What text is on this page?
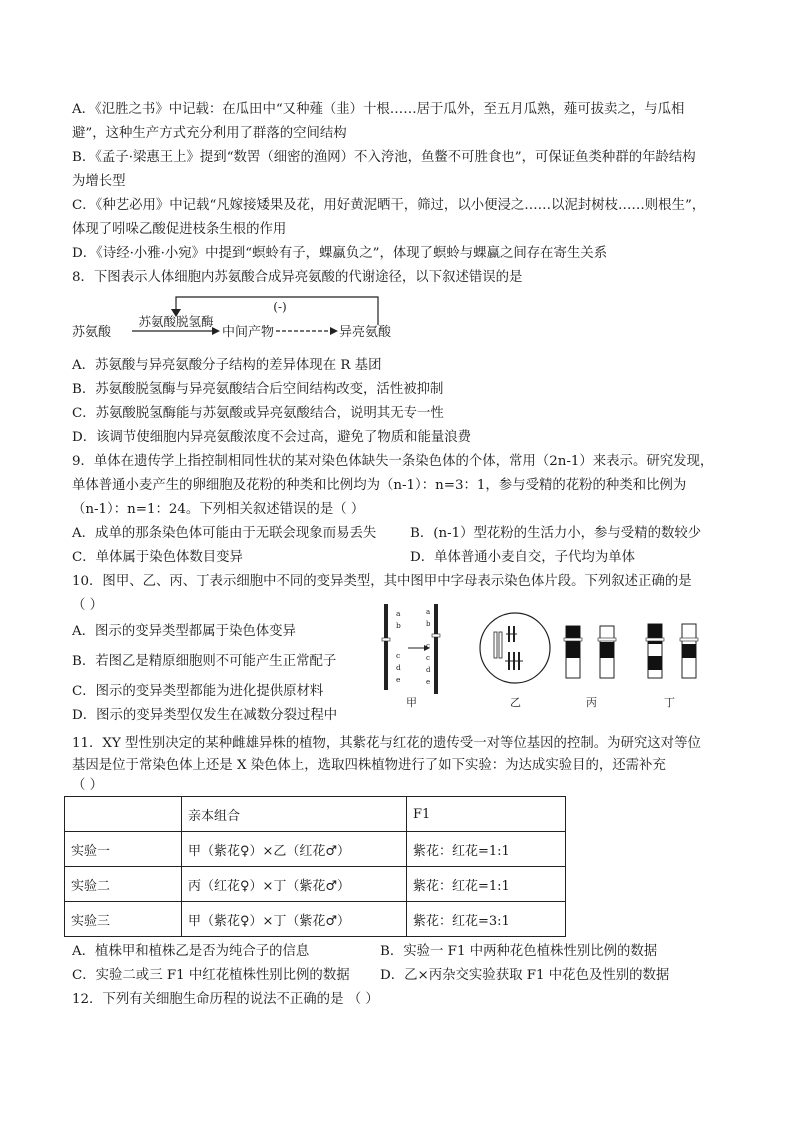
A．《氾胜之书》中记载：在瓜田中“又种薤（韭）十根……居于瓜外，至五月瓜熟，薤可拔卖之，与瓜相
避”，这种生产方式充分利用了群落的空间结构
B．《孟子·梁惠王上》提到“数罟（细密的渔网）不入洿池，鱼鳖不可胜食也”，可保证鱼类种群的年龄结构
为增长型
C．《种艺必用》中记载“凡嫁接矮果及花，用好黄泥晒干，筛过，以小便浸之……以泥封树枝……则根生”，
体现了吲哚乙酸促进枝条生根的作用
D．《诗经·小雅·小宛》中提到“螟蛉有子，蜾蠃负之”，体现了螟蛉与蜾蠃之间存在寄生关系
8．下图表示人体细胞内苏氨酸合成异亮氨酸的代谢途径，以下叙述错误的是
(-)
苏氨酸脱氢酶
苏氨酸	中间产物	异亮氨酸
A．苏氨酸与异亮氨酸分子结构的差异体现在 R 基团
B．苏氨酸脱氢酶与异亮氨酸结合后空间结构改变，活性被抑制
C．苏氨酸脱氢酶能与苏氨酸或异亮氨酸结合，说明其无专一性
D．该调节使细胞内异亮氨酸浓度不会过高，避免了物质和能量浪费
9．单体在遗传学上指控制相同性状的某对染色体缺失一条染色体的个体，常用（2n-1）来表示。研究发现，
单体普通小麦产生的卵细胞及花粉的种类和比例均为（n-1）：n=3：1，参与受精的花粉的种类和比例为
（n-1）：n=1：24。下列相关叙述错误的是（ ）
A．成单的那条染色体可能由于无联会现象而易丢失	B．(n-1）型花粉的生活力小，参与受精的数较少
C．单体属于染色体数目变异	D．单体普通小麦自交，子代均为单体
10．图甲、乙、丙、丁表示细胞中不同的变异类型，其中图甲中字母表示染色体片段。下列叙述正确的是
（ ）
A．图示的变异类型都属于染色体变异
B．若图乙是精原细胞则不可能产生正常配子
C．图示的变异类型都能为进化提供原材料
D．图示的变异类型仅发生在减数分裂过程中
a
b
c
d
e
a
b
c
c
d
e
甲	乙	丙	丁
11．XY 型性别决定的某种雌雄异株的植物，其紫花与红花的遗传受一对等位基因的控制。为研究这对等位
基因是位于常染色体上还是 X 染色体上，选取四株植物进行了如下实验：为达成实验目的，还需补充
（ ）
	亲本组合	F1
实验一	甲（紫花♀）×乙（红花♂）	紫花：红花=1:1
实验二	丙（红花♀）×丁（紫花♂）	紫花：红花=1:1
实验三	甲（紫花♀）×丁（紫花♂）	紫花：红花=3:1
A．植株甲和植株乙是否为纯合子的信息	B．实验一 F1 中两种花色植株性别比例的数据
C．实验二或三 F1 中红花植株性别比例的数据 D．乙×丙杂交实验获取 F1 中花色及性别的数据
12．下列有关细胞生命历程的说法不正确的是 （ ）
